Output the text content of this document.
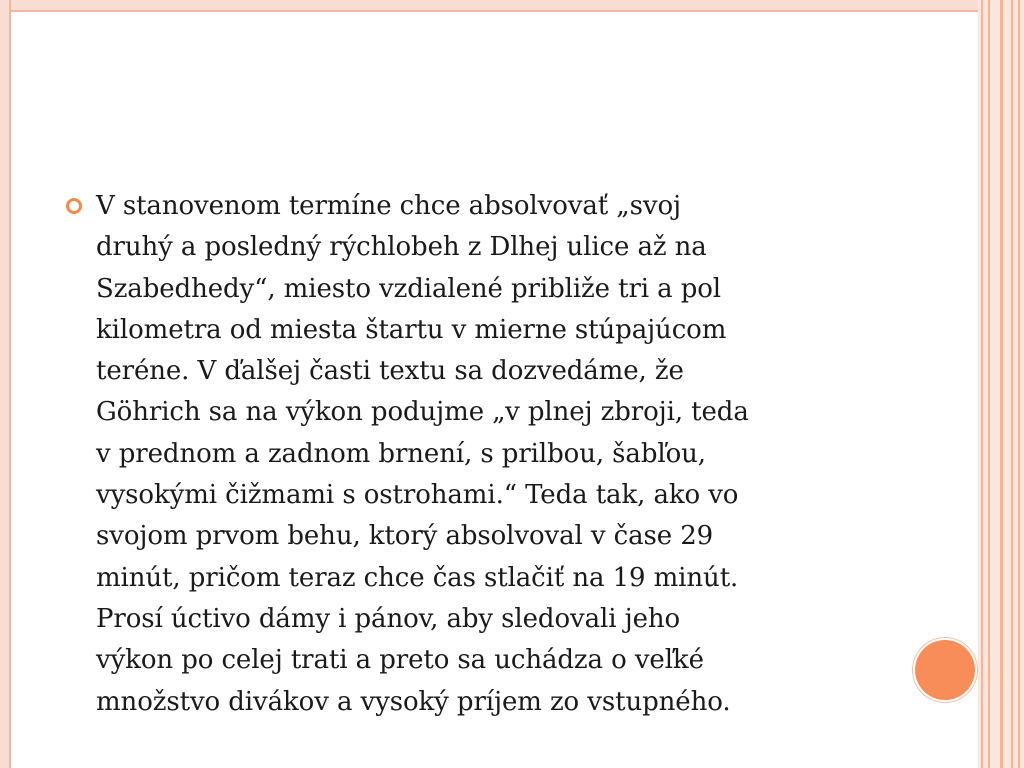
V stanovenom termíne chce absolvovať „svoj
druhý a posledný rýchlobeh z Dlhej ulice až na
Szabedhedy“, miesto vzdialené približe tri a pol
kilometra od miesta štartu v mierne stúpajúcom
teréne. V ďalšej časti textu sa dozvedáme, že
Göhrich sa na výkon podujme „v plnej zbroji, teda
v prednom a zadnom brnení, s prilbou, šabľou,
vysokými čižmami s ostrohami.“ Teda tak, ako vo
svojom prvom behu, ktorý absolvoval v čase 29
minút, pričom teraz chce čas stlačiť na 19 minút.
Prosí úctivo dámy i pánov, aby sledovali jeho
výkon po celej trati a preto sa uchádza o veľké
množstvo divákov a vysoký príjem zo vstupného.
